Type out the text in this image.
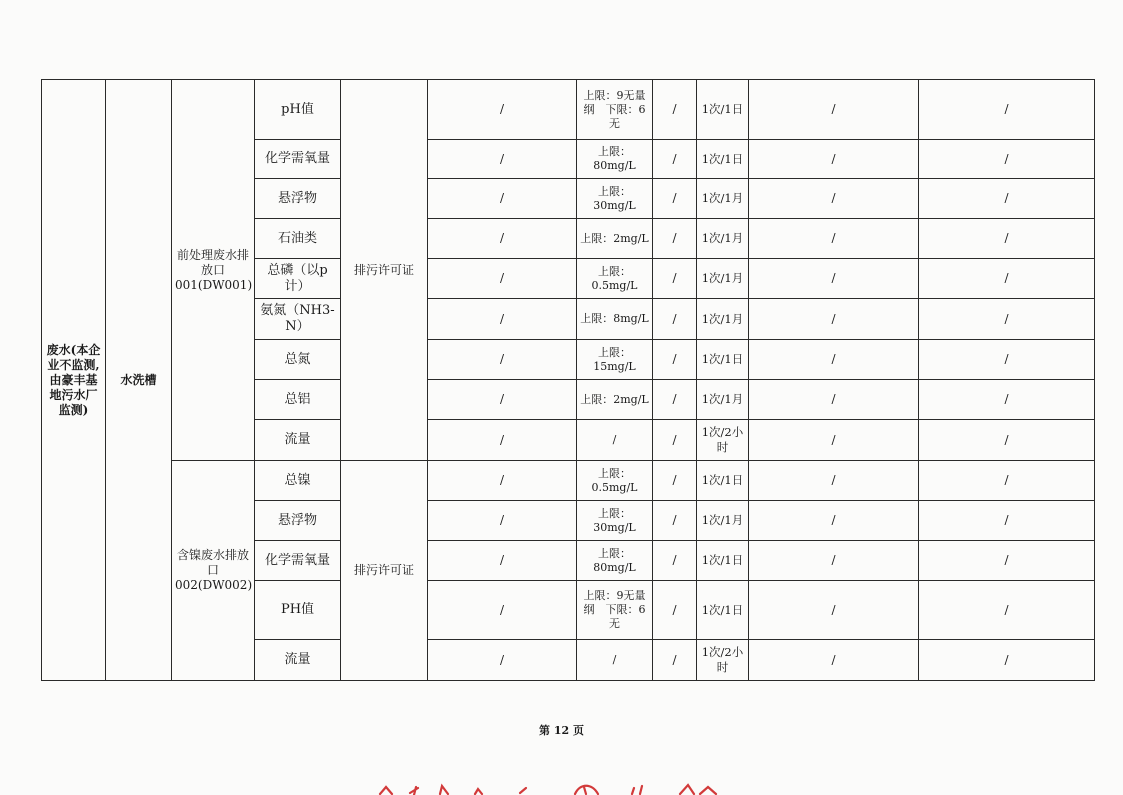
废水(本企业不监测,由豪丰基地污水厂监测)	水洗槽	前处理废水排放口001(DW001)	pH值	排污许可证	/	上限：9无量纲　下限：6无	/	1次/1日	/	/
			化学需氧量		/	上限：80mg/L	/	1次/1日	/	/
			悬浮物		/	上限：30mg/L	/	1次/1月	/	/
			石油类		/	上限：2mg/L	/	1次/1月	/	/
			总磷（以p计）		/	上限：0.5mg/L	/	1次/1月	/	/
			氨氮（NH3-N）		/	上限：8mg/L	/	1次/1月	/	/
			总氮		/	上限：15mg/L	/	1次/1日	/	/
			总铝		/	上限：2mg/L	/	1次/1月	/	/
			流量		/	/	/	1次/2小时	/	/
		含镍废水排放口002(DW002)	总镍	排污许可证	/	上限：0.5mg/L	/	1次/1日	/	/
			悬浮物		/	上限：30mg/L	/	1次/1月	/	/
			化学需氧量		/	上限：80mg/L	/	1次/1日	/	/
			PH值		/	上限：9无量纲　下限：6无	/	1次/1日	/	/
			流量		/	/	/	1次/2小时	/	/
第 12 页
